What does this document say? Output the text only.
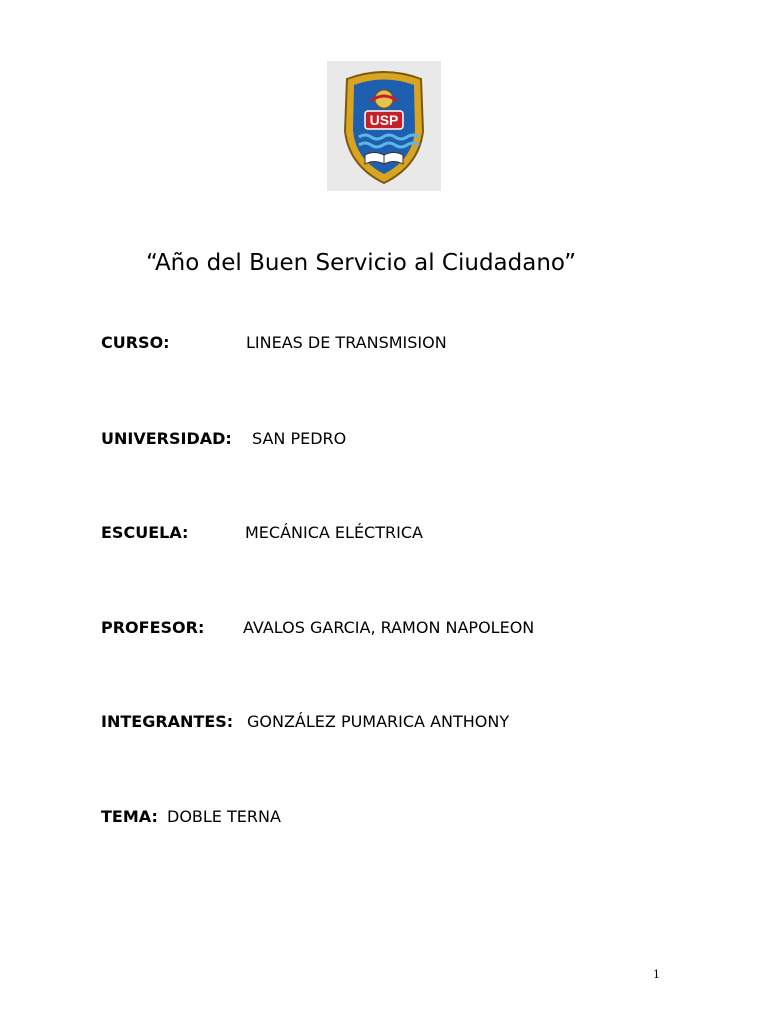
USP
“Año del Buen Servicio al Ciudadano”
CURSO:	LINEAS DE TRANSMISION
UNIVERSIDAD: SAN PEDRO
ESCUELA:	MECÁNICA ELÉCTRICA
PROFESOR: AVALOS GARCIA, RAMON NAPOLEON
INTEGRANTES: GONZÁLEZ PUMARICA ANTHONY
TEMA: DOBLE TERNA
1
